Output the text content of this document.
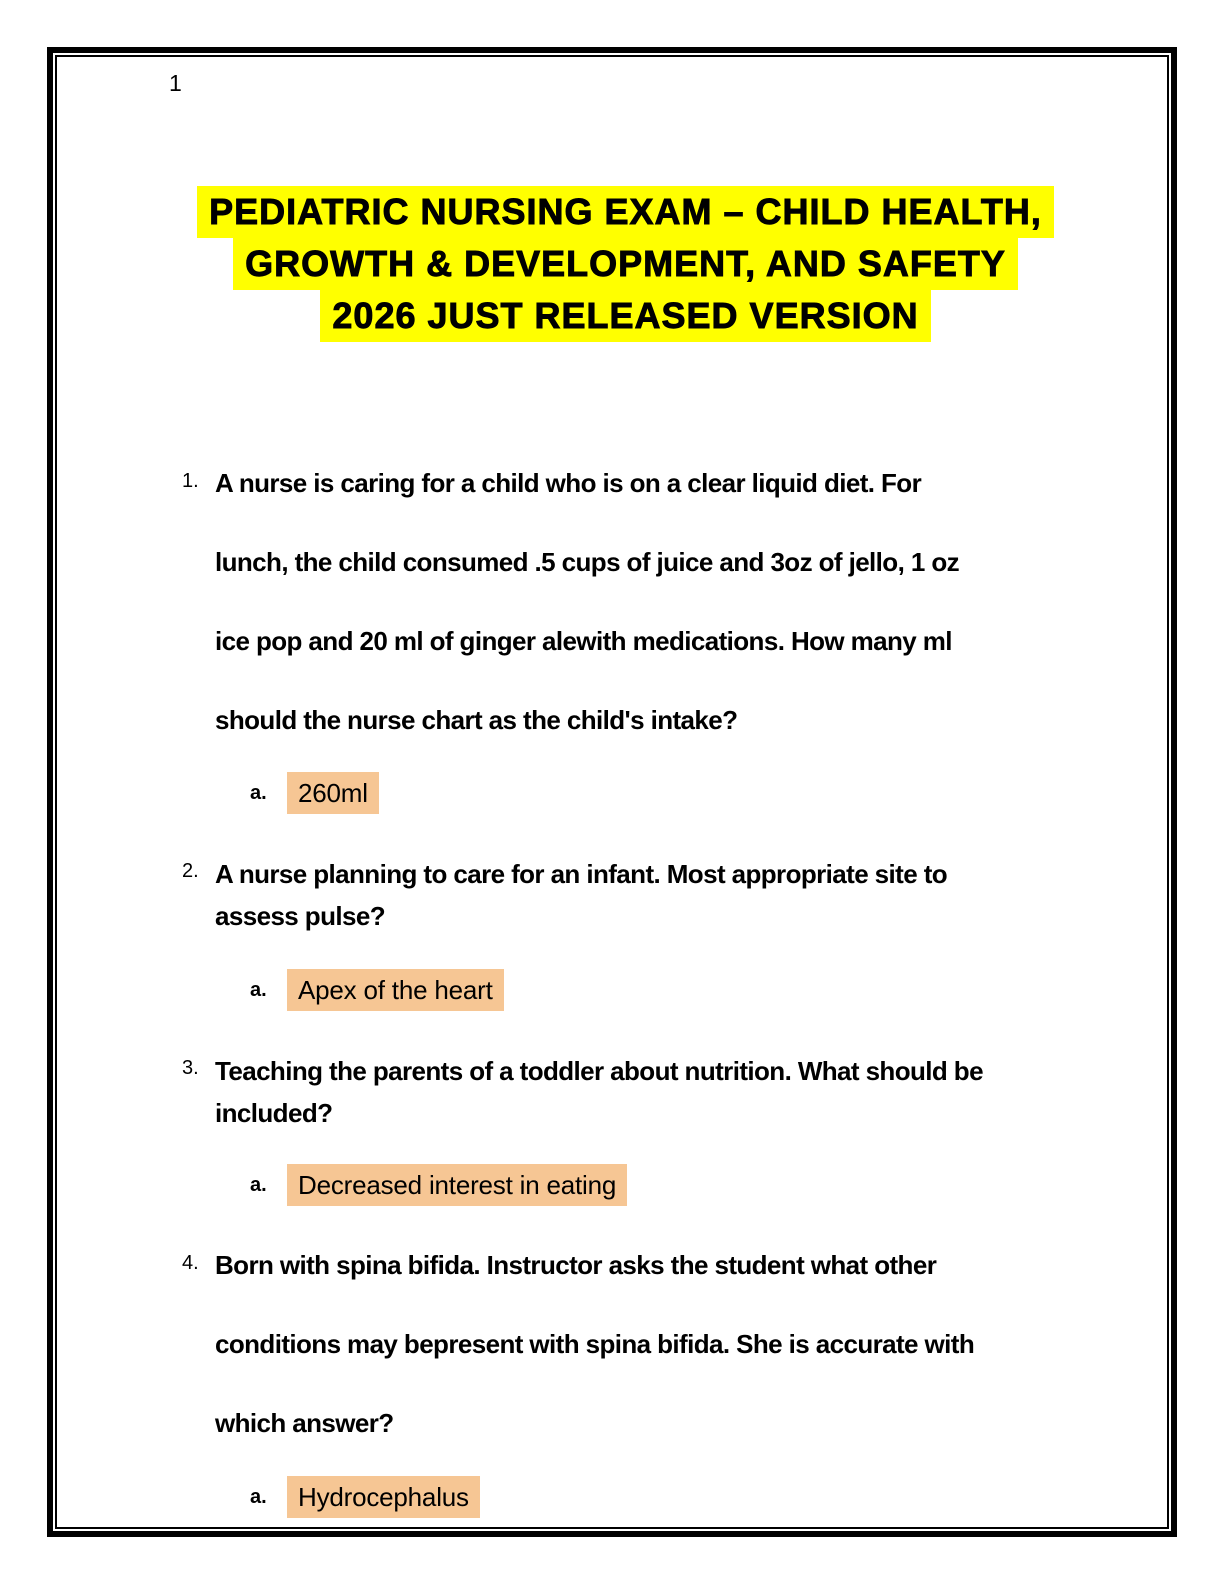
1
PEDIATRIC NURSING EXAM – CHILD HEALTH,
GROWTH & DEVELOPMENT, AND SAFETY
2026 JUST RELEASED VERSION
1. A nurse is caring for a child who is on a clear liquid diet. For
lunch, the child consumed .5 cups of juice and 3oz of jello, 1 oz
ice pop and 20 ml of ginger alewith medications. How many ml
should the nurse chart as the child's intake?
a. 260ml
2. A nurse planning to care for an infant. Most appropriate site to
assess pulse?
a. Apex of the heart
3. Teaching the parents of a toddler about nutrition. What should be
included?
a. Decreased interest in eating
4. Born with spina bifida. Instructor asks the student what other
conditions may bepresent with spina bifida. She is accurate with
which answer?
a. Hydrocephalus
